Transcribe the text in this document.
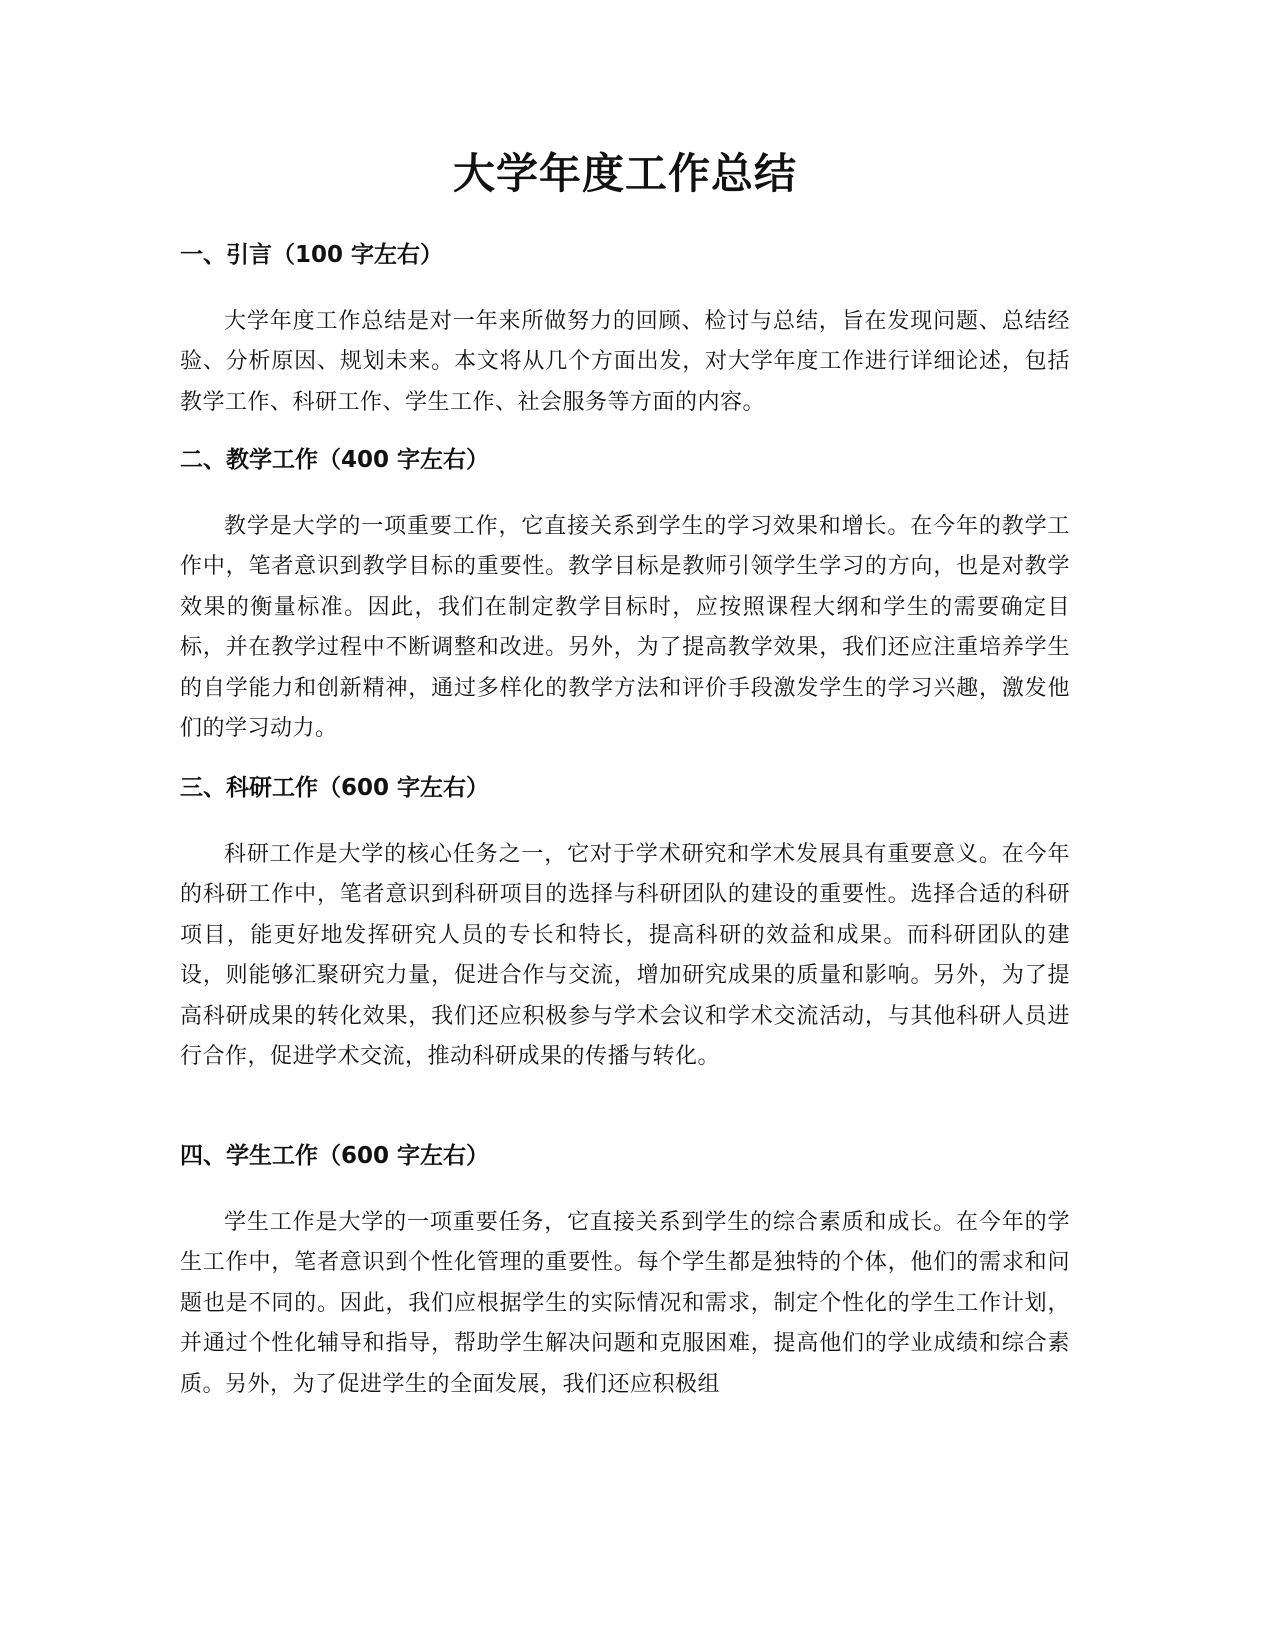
大学年度工作总结
一、引言（100 字左右）

大学年度工作总结是对一年来所做努力的回顾、检讨与总结，旨在发现问题、总结经验、分析原因、规划未来。本文将从几个方面出发，对大学年度工作进行详细论述，包括教学工作、科研工作、学生工作、社会服务等方面的内容。

二、教学工作（400 字左右）

教学是大学的一项重要工作，它直接关系到学生的学习效果和增长。在今年的教学工作中，笔者意识到教学目标的重要性。教学目标是教师引领学生学习的方向，也是对教学效果的衡量标准。因此，我们在制定教学目标时，应按照课程大纲和学生的需要确定目标，并在教学过程中不断调整和改进。另外，为了提高教学效果，我们还应注重培养学生的自学能力和创新精神，通过多样化的教学方法和评价手段激发学生的学习兴趣，激发他们的学习动力。

三、科研工作（600 字左右）

科研工作是大学的核心任务之一，它对于学术研究和学术发展具有重要意义。在今年的科研工作中，笔者意识到科研项目的选择与科研团队的建设的重要性。选择合适的科研项目，能更好地发挥研究人员的专长和特长，提高科研的效益和成果。而科研团队的建设，则能够汇聚研究力量，促进合作与交流，增加研究成果的质量和影响。另外，为了提高科研成果的转化效果，我们还应积极参与学术会议和学术交流活动，与其他科研人员进行合作，促进学术交流，推动科研成果的传播与转化。

四、学生工作（600 字左右）

学生工作是大学的一项重要任务，它直接关系到学生的综合素质和成长。在今年的学生工作中，笔者意识到个性化管理的重要性。每个学生都是独特的个体，他们的需求和问题也是不同的。因此，我们应根据学生的实际情况和需求，制定个性化的学生工作计划，并通过个性化辅导和指导，帮助学生解决问题和克服困难，提高他们的学业成绩和综合素质。另外，为了促进学生的全面发展，我们还应积极组
